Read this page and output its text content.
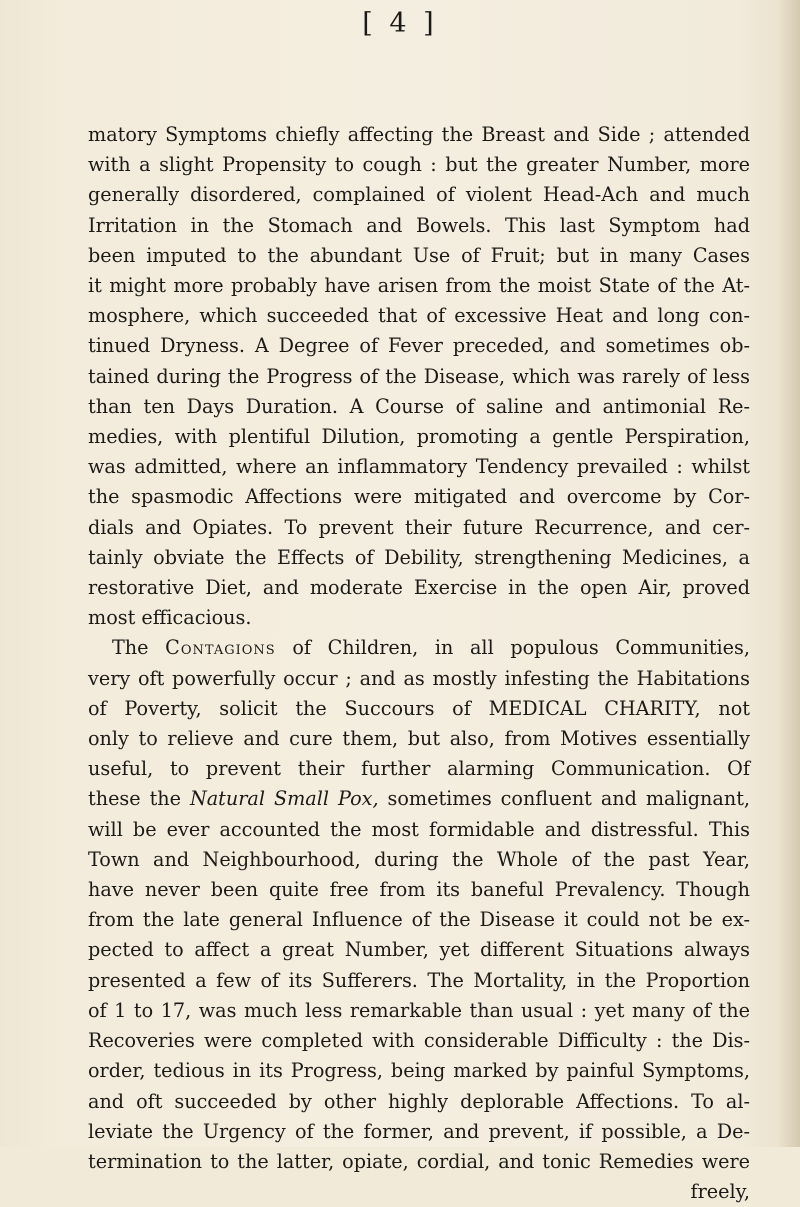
[ 4 ]
matory Symptoms chiefly affecting the Breast and Side ; attended
with a slight Propensity to cough : but the greater Number, more
generally disordered, complained of violent Head-Ach and much
Irritation in the Stomach and Bowels. This last Symptom had
been imputed to the abundant Use of Fruit; but in many Cases
it might more probably have arisen from the moist State of the At-
mosphere, which succeeded that of excessive Heat and long con-
tinued Dryness. A Degree of Fever preceded, and sometimes ob-
tained during the Progress of the Disease, which was rarely of less
than ten Days Duration. A Course of saline and antimonial Re-
medies, with plentiful Dilution, promoting a gentle Perspiration,
was admitted, where an inflammatory Tendency prevailed : whilst
the spasmodic Affections were mitigated and overcome by Cor-
dials and Opiates. To prevent their future Recurrence, and cer-
tainly obviate the Effects of Debility, strengthening Medicines, a
restorative Diet, and moderate Exercise in the open Air, proved
most efficacious.
The Contagions of Children, in all populous Communities,
very oft powerfully occur ; and as mostly infesting the Habitations
of Poverty, solicit the Succours of MEDICAL CHARITY, not
only to relieve and cure them, but also, from Motives essentially
useful, to prevent their further alarming Communication. Of
these the Natural Small Pox, sometimes confluent and malignant,
will be ever accounted the most formidable and distressful. This
Town and Neighbourhood, during the Whole of the past Year,
have never been quite free from its baneful Prevalency. Though
from the late general Influence of the Disease it could not be ex-
pected to affect a great Number, yet different Situations always
presented a few of its Sufferers. The Mortality, in the Proportion
of 1 to 17, was much less remarkable than usual : yet many of the
Recoveries were completed with considerable Difficulty : the Dis-
order, tedious in its Progress, being marked by painful Symptoms,
and oft succeeded by other highly deplorable Affections. To al-
leviate the Urgency of the former, and prevent, if possible, a De-
termination to the latter, opiate, cordial, and tonic Remedies were
freely,
